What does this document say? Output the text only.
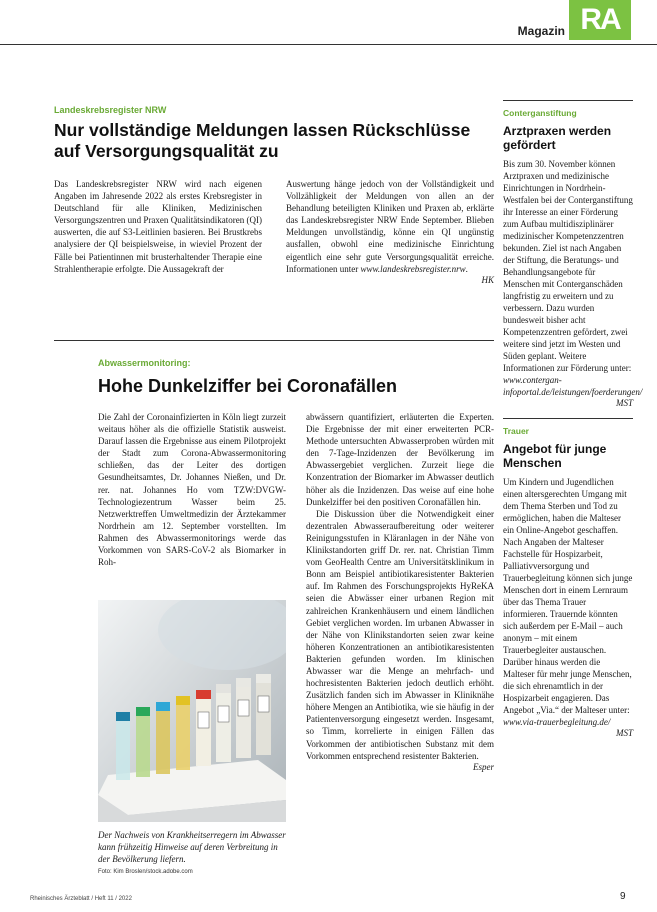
Magazin RA
Landeskrebsregister NRW
Nur vollständige Meldungen lassen Rückschlüsse auf Versorgungsqualität zu

Das Landeskrebsregister NRW wird nach eigenen Angaben im Jahresende 2022 als erstes Krebsregister in Deutschland für alle Kliniken, Medizinischen Versorgungszentren und Praxen Qualitätsindikatoren (QI) auswerten, die auf S3-Leitlinien basieren. Bei Brustkrebs analysiere der QI beispielsweise, in wieviel Prozent der Fälle bei Patientinnen mit brusterhaltender Therapie eine Strahlentherapie erfolgte. Die Aussagekraft der

Auswertung hänge jedoch von der Vollständigkeit und Vollzähligkeit der Meldungen von allen an der Behandlung beteiligten Kliniken und Praxen ab, erklärte das Landeskrebsregister NRW Ende September. Blieben Meldungen unvollständig, könne ein QI ungünstig ausfallen, obwohl eine medizinische Einrichtung eigentlich eine sehr gute Versorgungsqualität erreiche. Informationen unter www.landeskrebsregister.nrw.

HK
Abwassermonitoring:
Hohe Dunkelziffer bei Coronafällen

Die Zahl der Coronainfizierten in Köln liegt zurzeit weitaus höher als die offizielle Statistik ausweist. Darauf lassen die Ergebnisse aus einem Pilotprojekt der Stadt zum Corona-Abwassermonitoring schließen, das der Leiter des dortigen Gesundheitsamtes, Dr. Johannes Nießen, und Dr. rer. nat. Johannes Ho vom TZW:DVGW-Technologiezentrum Wasser beim 25. Netzwerktreffen Umweltmedizin der Ärztekammer Nordrhein am 12. September vorstellten. Im Rahmen des Abwassermonitorings werde das Vorkommen von SARS-CoV-2 als Biomarker in Roh-

abwässern quantifiziert, erläuterten die Experten. Die Ergebnisse der mit einer erweiterten PCR-Methode untersuchten Abwasserproben würden mit den 7-Tage-Inzidenzen der Bevölkerung im Abwassergebiet verglichen. Zurzeit liege die Konzentration der Biomarker im Abwasser deutlich höher als die Inzidenzen. Das weise auf eine hohe Dunkelziffer bei den positiven Coronafällen hin.

Die Diskussion über die Notwendigkeit einer dezentralen Abwasseraufbereitung oder weiterer Reinigungsstufen in Kläranlagen in der Nähe von Klinikstandorten griff Dr. rer. nat. Christian Timm vom GeoHealth Centre am Universitätsklinikum in Bonn am Beispiel antibiotikaresistenter Bakterien auf. Im Rahmen des Forschungsprojekts HyReKA seien die Abwässer einer urbanen Region mit zahlreichen Krankenhäusern und einem ländlichen Gebiet verglichen worden. Im urbanen Abwasser in der Nähe von Klinikstandorten seien zwar keine höheren Konzentrationen an antibiotikaresistenten Bakterien gefunden worden. Im klinischen Abwasser war die Menge an mehrfach- und hochresistenten Bakterien jedoch deutlich erhöht. Zusätzlich fanden sich im Abwasser in Kliniknähe höhere Mengen an Antibiotika, wie sie häufig in der Patientenversorgung eingesetzt werden. Insgesamt, so Timm, korrelierte in einigen Fällen das Vorkommen der antibiotischen Substanz mit dem Vorkommen entsprechend resistenter Bakterien.

Esper
Der Nachweis von Krankheitserregern im Abwasser kann frühzeitig Hinweise auf deren Verbreitung in der Bevölkerung liefern.
Foto: Kim Broslen/stock.adobe.com
Conterganstiftung
Arztpraxen werden gefördert

Bis zum 30. November können Arztpraxen und medizinische Einrichtungen in Nordrhein-Westfalen bei der Conterganstiftung ihr Interesse an einer Förderung zum Aufbau multidisziplinärer medizinischer Kompetenzzentren bekunden. Ziel ist nach Angaben der Stiftung, die Beratungs- und Behandlungsangebote für Menschen mit Conterganschäden langfristig zu erweitern und zu verbessern. Dazu wurden bundesweit bisher acht Kompetenzzentren gefördert, zwei weitere sind jetzt im Westen und Süden geplant. Weitere Informationen zur Förderung unter: www.contergan-infoportal.de/leistungen/foerderungen/

MST
Trauer
Angebot für junge Menschen

Um Kindern und Jugendlichen einen altersgerechten Umgang mit dem Thema Sterben und Tod zu ermöglichen, haben die Malteser ein Online-Angebot geschaffen. Nach Angaben der Malteser Fachstelle für Hospizarbeit, Palliativversorgung und Trauerbegleitung können sich junge Menschen dort in einem Lernraum über das Thema Trauer informieren. Trauernde könnten sich außerdem per E-Mail – auch anonym – mit einem Trauerbegleiter austauschen. Darüber hinaus werden die Malteser für mehr junge Menschen, die sich ehrenamtlich in der Hospizarbeit engagieren. Das Angebot „Via.“ der Malteser unter: www.via-trauerbegleitung.de/

MST
Rheinisches Ärzteblatt / Heft 11 / 2022	9
